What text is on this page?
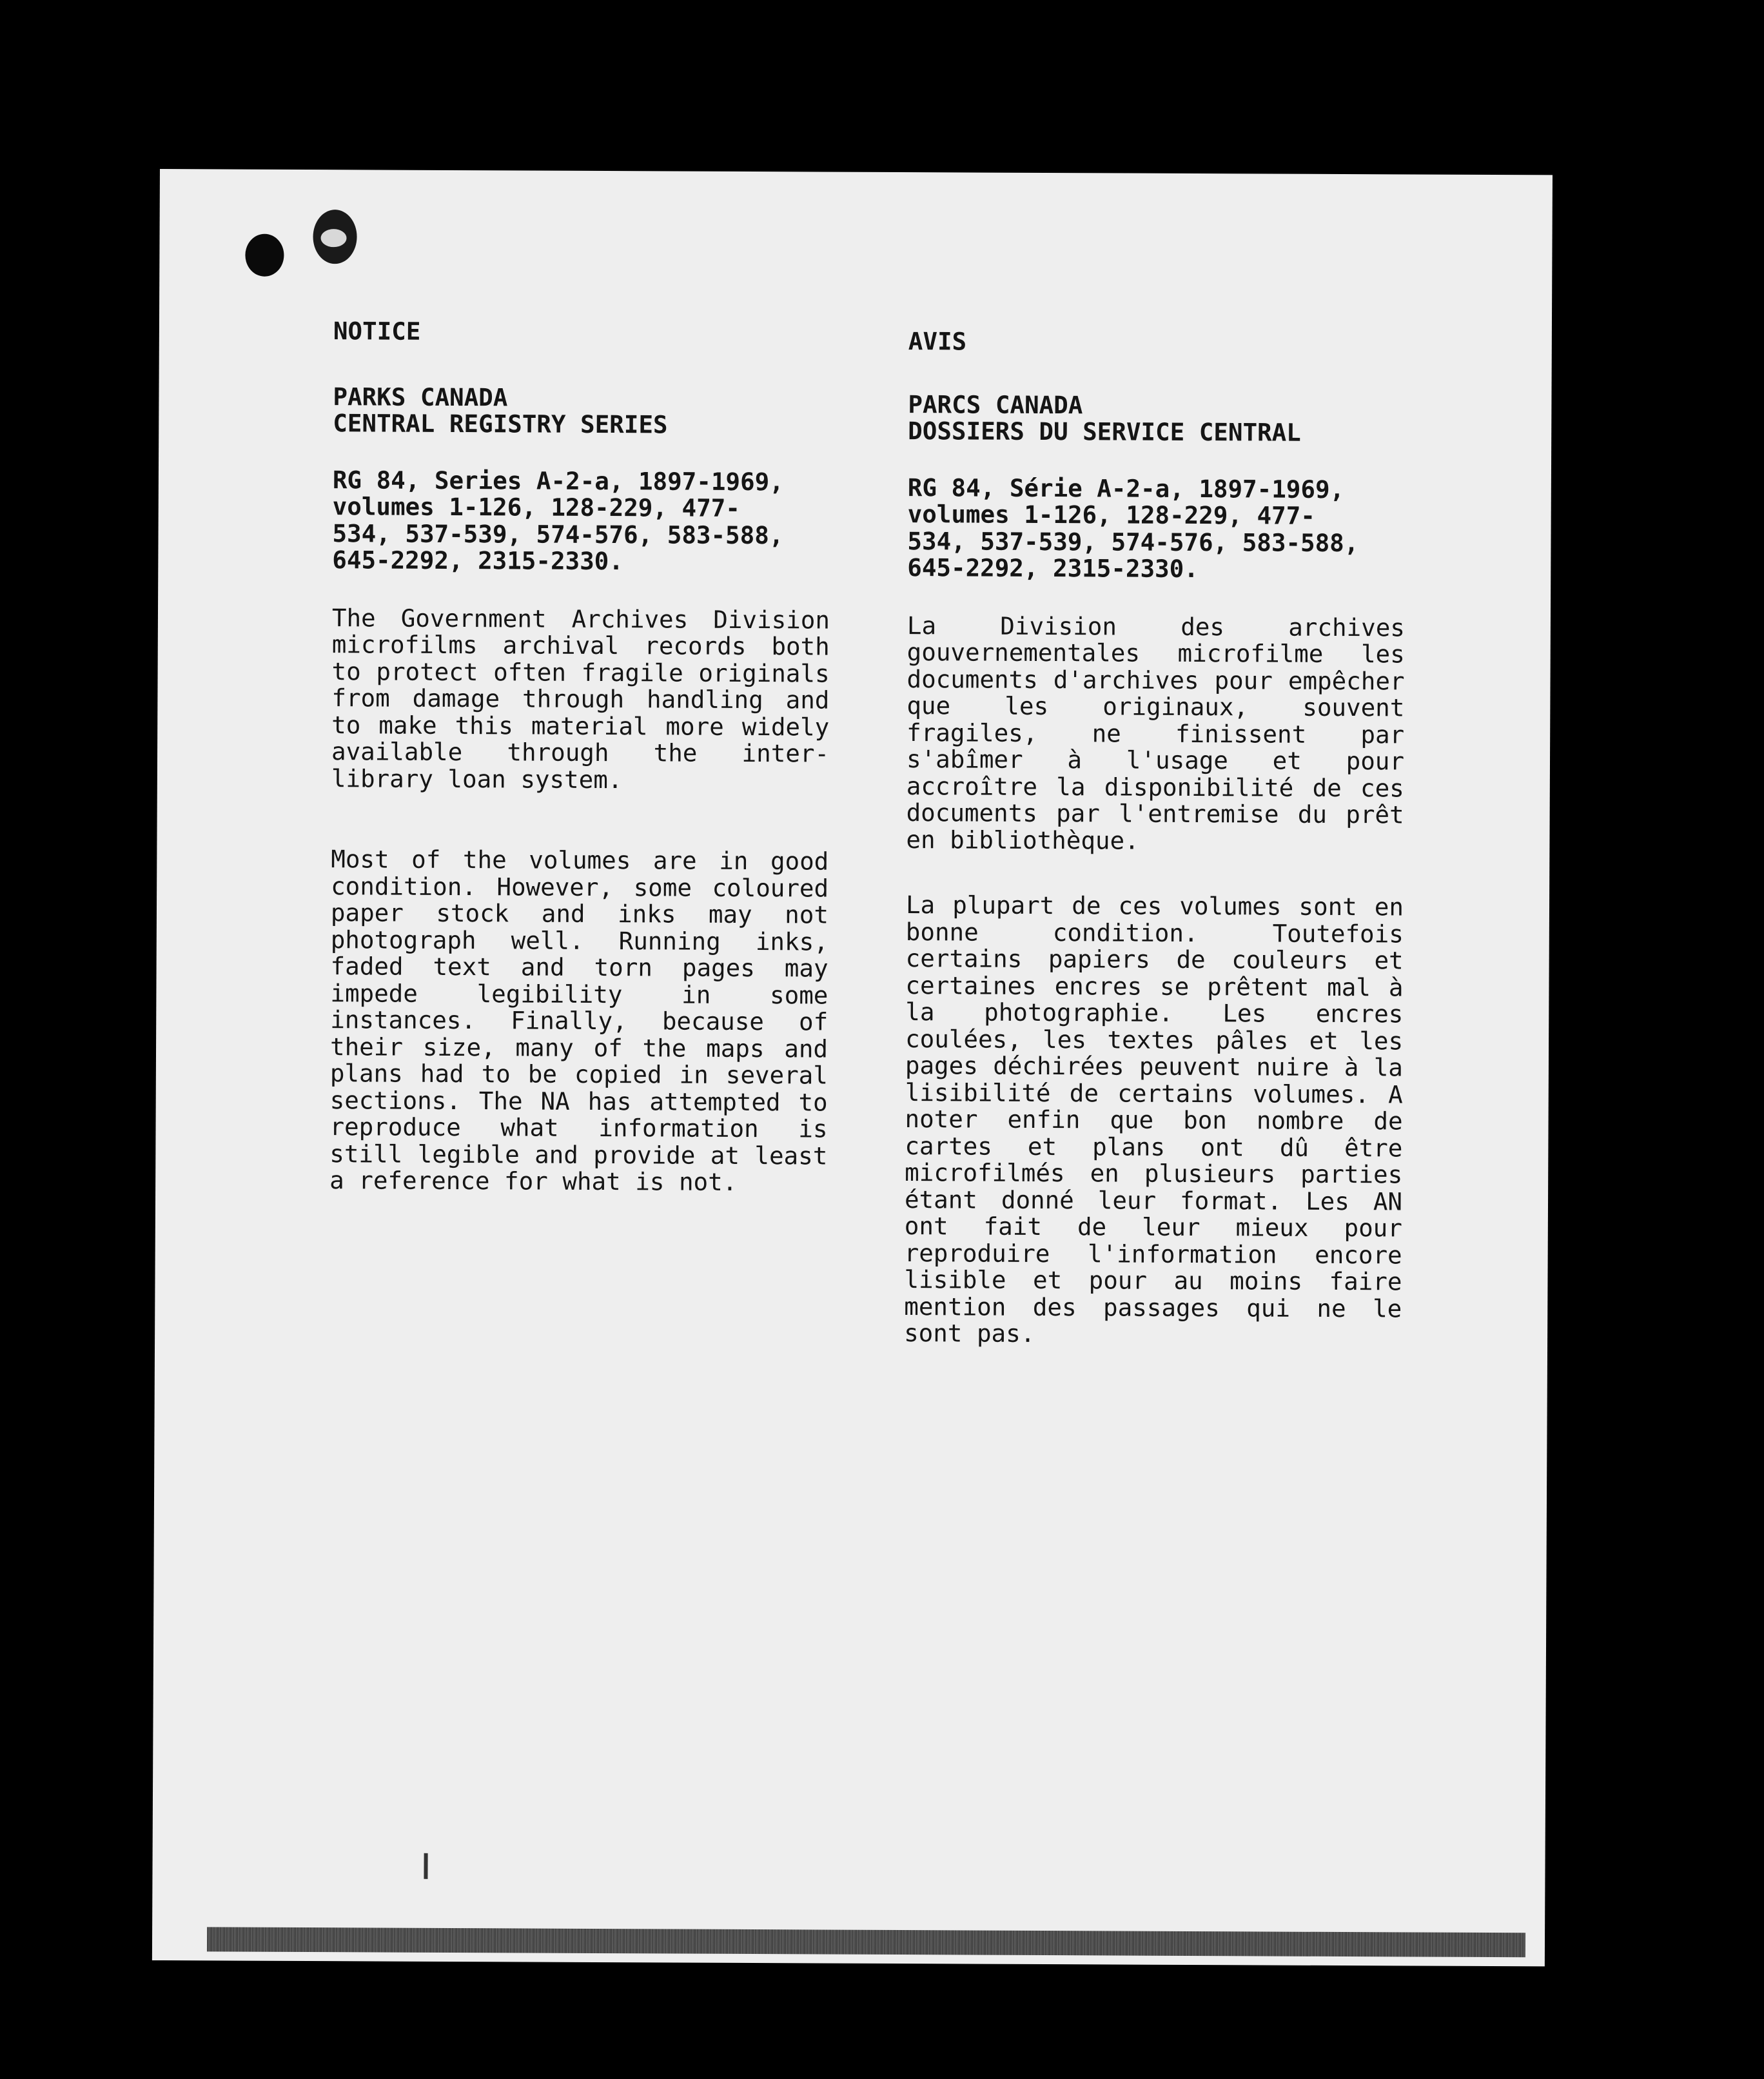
NOTICE
PARKS CANADA
CENTRAL REGISTRY SERIES
RG 84, Series A-2-a, 1897-1969,
volumes 1-126, 128-229, 477-
534, 537-539, 574-576, 583-588,
645-2292, 2315-2330.

The Government Archives Division microfilms archival records both to protect often fragile originals from damage through handling and to make this material more widely available through the inter-library loan system.

Most of the volumes are in good condition. However, some coloured paper stock and inks may not photograph well. Running inks, faded text and torn pages may impede legibility in some instances. Finally, because of their size, many of the maps and plans had to be copied in several sections. The NA has attempted to reproduce what information is still legible and provide at least a reference for what is not.

AVIS
PARCS CANADA
DOSSIERS DU SERVICE CENTRAL
RG 84, Série A-2-a, 1897-1969,
volumes 1-126, 128-229, 477-
534, 537-539, 574-576, 583-588,
645-2292, 2315-2330.

La Division des archives gouvernementales microfilme les documents d'archives pour empêcher que les originaux, souvent fragiles, ne finissent par s'abîmer à l'usage et pour accroître la disponibilité de ces documents par l'entremise du prêt en bibliothèque.

La plupart de ces volumes sont en bonne condition. Toutefois certains papiers de couleurs et certaines encres se prêtent mal à la photographie. Les encres coulées, les textes pâles et les pages déchirées peuvent nuire à la lisibilité de certains volumes. A noter enfin que bon nombre de cartes et plans ont dû être microfilmés en plusieurs parties étant donné leur format. Les AN ont fait de leur mieux pour reproduire l'information encore lisible et pour au moins faire mention des passages qui ne le sont pas.
